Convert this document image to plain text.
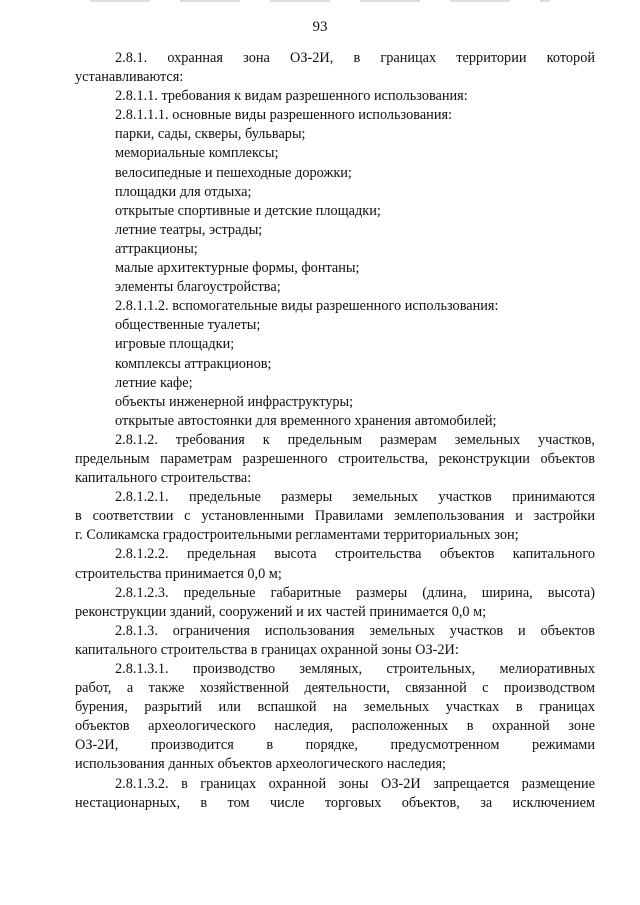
93
2.8.1. охранная зона ОЗ-2И, в границах территории которой
устанавливаются:
2.8.1.1. требования к видам разрешенного использования:
2.8.1.1.1. основные виды разрешенного использования:
парки, сады, скверы, бульвары;
мемориальные комплексы;
велосипедные и пешеходные дорожки;
площадки для отдыха;
открытые спортивные и детские площадки;
летние театры, эстрады;
аттракционы;
малые архитектурные формы, фонтаны;
элементы благоустройства;
2.8.1.1.2. вспомогательные виды разрешенного использования:
общественные туалеты;
игровые площадки;
комплексы аттракционов;
летние кафе;
объекты инженерной инфраструктуры;
открытые автостоянки для временного хранения автомобилей;
2.8.1.2. требования к предельным размерам земельных участков,
предельным параметрам разрешенного строительства, реконструкции объектов
капитального строительства:
2.8.1.2.1. предельные размеры земельных участков принимаются
в соответствии с установленными Правилами землепользования и застройки
г. Соликамска градостроительными регламентами территориальных зон;
2.8.1.2.2. предельная высота строительства объектов капитального
строительства принимается 0,0 м;
2.8.1.2.3. предельные габаритные размеры (длина, ширина, высота)
реконструкции зданий, сооружений и их частей принимается 0,0 м;
2.8.1.3. ограничения использования земельных участков и объектов
капитального строительства в границах охранной зоны ОЗ-2И:
2.8.1.3.1. производство земляных, строительных, мелиоративных
работ, а также хозяйственной деятельности, связанной с производством
бурения, разрытий или вспашкой на земельных участках в границах
объектов археологического наследия, расположенных в охранной зоне
ОЗ-2И, производится в порядке, предусмотренном режимами
использования данных объектов археологического наследия;
2.8.1.3.2. в границах охранной зоны ОЗ-2И запрещается размещение
нестационарных, в том числе торговых объектов, за исключением
